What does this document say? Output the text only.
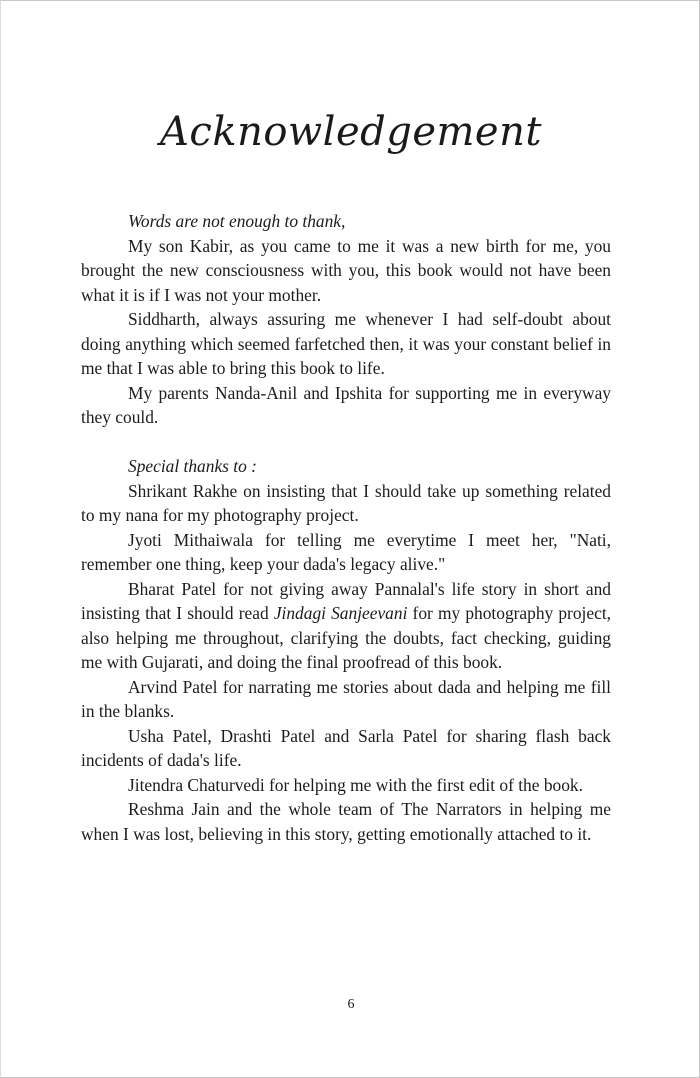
Acknowledgement

Words are not enough to thank,

My son Kabir, as you came to me it was a new birth for me, you brought the new consciousness with you, this book would not have been what it is if I was not your mother.

Siddharth, always assuring me whenever I had self-doubt about doing anything which seemed farfetched then, it was your constant belief in me that I was able to bring this book to life.

My parents Nanda-Anil and Ipshita for supporting me in everyway they could.

Special thanks to :

Shrikant Rakhe on insisting that I should take up something related to my nana for my photography project.

Jyoti Mithaiwala for telling me everytime I meet her, "Nati, remember one thing, keep your dada's legacy alive."

Bharat Patel for not giving away Pannalal's life story in short and insisting that I should read Jindagi Sanjeevani for my photography project, also helping me throughout, clarifying the doubts, fact checking, guiding me with Gujarati, and doing the final proofread of this book.

Arvind Patel for narrating me stories about dada and helping me fill in the blanks.

Usha Patel, Drashti Patel and Sarla Patel for sharing flash back incidents of dada's life.

Jitendra Chaturvedi for helping me with the first edit of the book.

Reshma Jain and the whole team of The Narrators in helping me when I was lost, believing in this story, getting emotionally attached to it.

6
